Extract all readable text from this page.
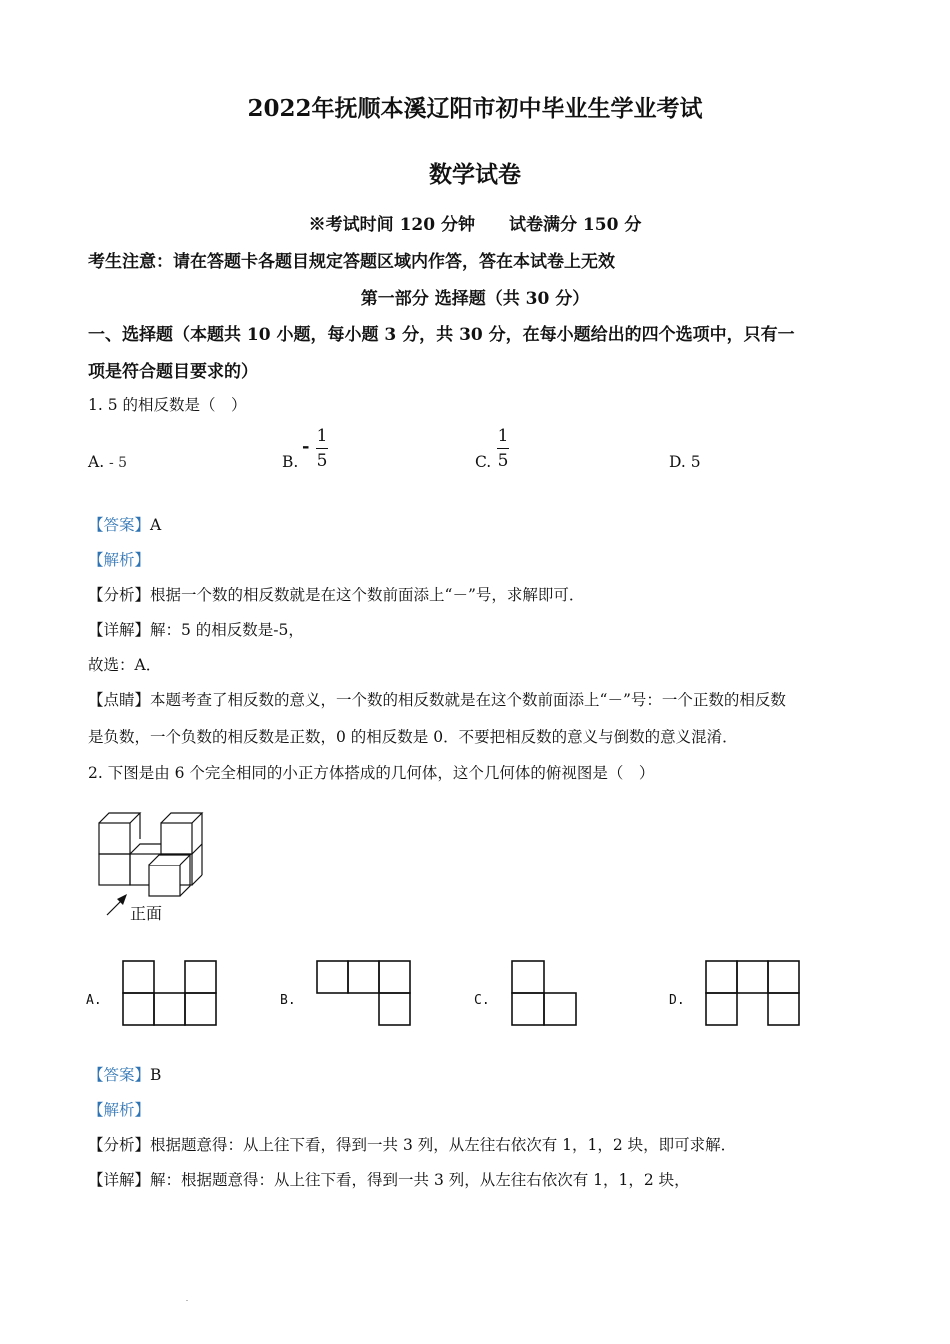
2022年抚顺本溪辽阳市初中毕业生学业考试
数学试卷
※考试时间 120 分钟　　试卷满分 150 分
考生注意：请在答题卡各题目规定答题区域内作答，答在本试卷上无效
第一部分 选择题（共 30 分）
一、选择题（本题共 10 小题，每小题 3 分，共 30 分，在每小题给出的四个选项中，只有一
项是符合题目要求的）
1. 5 的相反数是（　）
A. - 5	B.
- 1
5	C.
1
5	D. 5
【答案】A
【解析】
【分析】根据一个数的相反数就是在这个数前面添上“－”号，求解即可．
【详解】解：5 的相反数是-5，
故选：A．
【点睛】本题考查了相反数的意义，一个数的相反数就是在这个数前面添上“－”号：一个正数的相反数
是负数，一个负数的相反数是正数，0 的相反数是 0．不要把相反数的意义与倒数的意义混淆．
2. 下图是由 6 个完全相同的小正方体搭成的几何体，这个几何体的俯视图是（　）
正面
A.	B.	C.	D.
【答案】B
【解析】
【分析】根据题意得：从上往下看，得到一共 3 列，从左往右依次有 1，1，2 块，即可求解．
【详解】解：根据题意得：从上往下看，得到一共 3 列，从左往右依次有 1，1，2 块，
